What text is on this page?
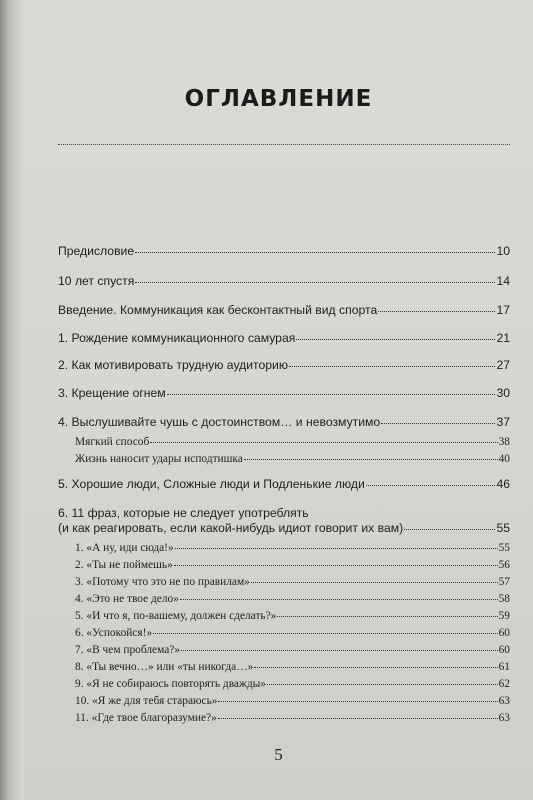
ОГЛАВЛЕНИЕ
Предисловие	10
10 лет спустя	14
Введение. Коммуникация как бесконтактный вид спорта	17
1. Рождение коммуникационного самурая	21
2. Как мотивировать трудную аудиторию	27
3. Крещение огнем	30
4. Выслушивайте чушь с достоинством… и невозмутимо	37
Мягкий способ	38
Жизнь наносит удары исподтишка	40
5. Хорошие люди, Сложные люди и Подленькие люди	46
6. 11 фраз, которые не следует употреблять
(и как реагировать, если какой-нибудь идиот говорит их вам)	55
1. «А ну, иди сюда!»	55
2. «Ты не поймешь»	56
3. «Потому что это не по правилам»	57
4. «Это не твое дело»	58
5. «И что я, по-вашему, должен сделать?»	59
6. «Успокойся!»	60
7. «В чем проблема?»	60
8. «Ты вечно…» или «ты никогда…»	61
9. «Я не собираюсь повторять дважды»	62
10. «Я же для тебя стараюсь»	63
11. «Где твое благоразумие?»	63
5
